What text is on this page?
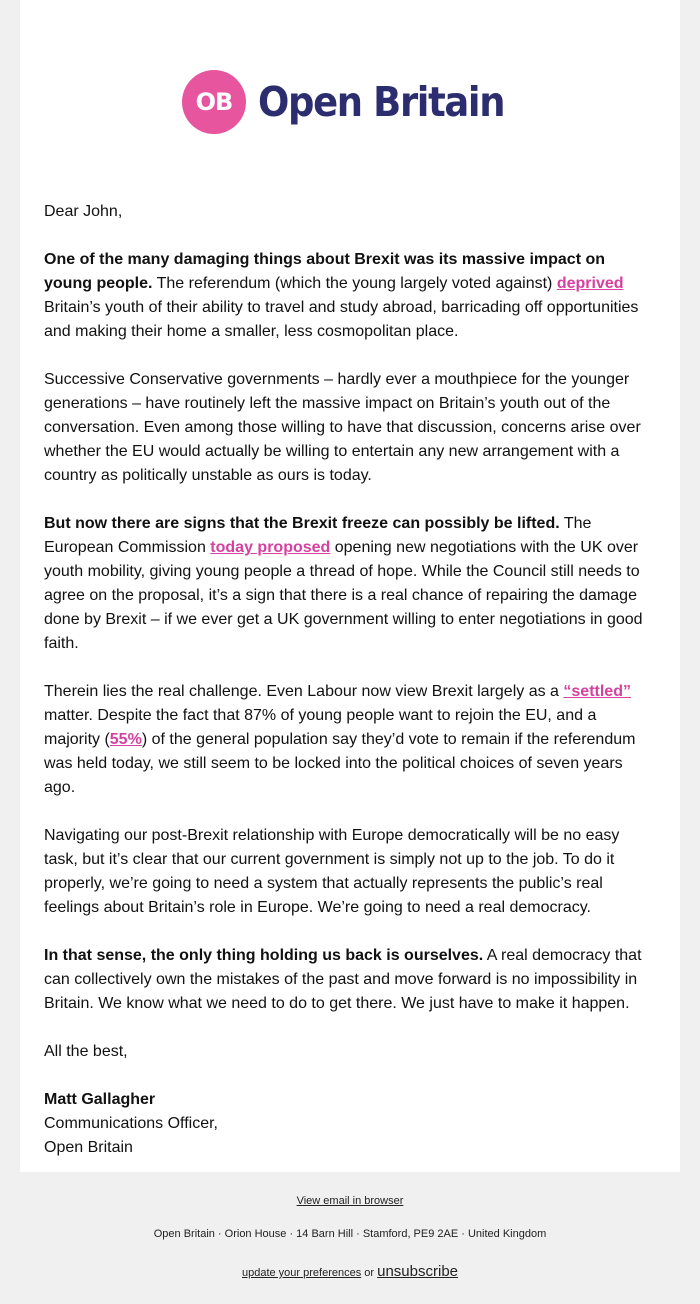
OB Open Britain

Dear John,

One of the many damaging things about Brexit was its massive impact on young people. The referendum (which the young largely voted against) deprived Britain’s youth of their ability to travel and study abroad, barricading off opportunities and making their home a smaller, less cosmopolitan place.

Successive Conservative governments – hardly ever a mouthpiece for the younger generations – have routinely left the massive impact on Britain’s youth out of the conversation. Even among those willing to have that discussion, concerns arise over whether the EU would actually be willing to entertain any new arrangement with a country as politically unstable as ours is today.

But now there are signs that the Brexit freeze can possibly be lifted. The European Commission today proposed opening new negotiations with the UK over youth mobility, giving young people a thread of hope. While the Council still needs to agree on the proposal, it’s a sign that there is a real chance of repairing the damage done by Brexit – if we ever get a UK government willing to enter negotiations in good faith.

Therein lies the real challenge. Even Labour now view Brexit largely as a “settled” matter. Despite the fact that 87% of young people want to rejoin the EU, and a majority (55%) of the general population say they’d vote to remain if the referendum was held today, we still seem to be locked into the political choices of seven years ago.

Navigating our post-Brexit relationship with Europe democratically will be no easy task, but it’s clear that our current government is simply not up to the job. To do it properly, we’re going to need a system that actually represents the public’s real feelings about Britain’s role in Europe. We’re going to need a real democracy.

In that sense, the only thing holding us back is ourselves. A real democracy that can collectively own the mistakes of the past and move forward is no impossibility in Britain. We know what we need to do to get there. We just have to make it happen.

All the best,

Matt Gallagher
Communications Officer,
Open Britain

View email in browser
Open Britain · Orion House · 14 Barn Hill · Stamford, PE9 2AE · United Kingdom
update your preferences or unsubscribe
